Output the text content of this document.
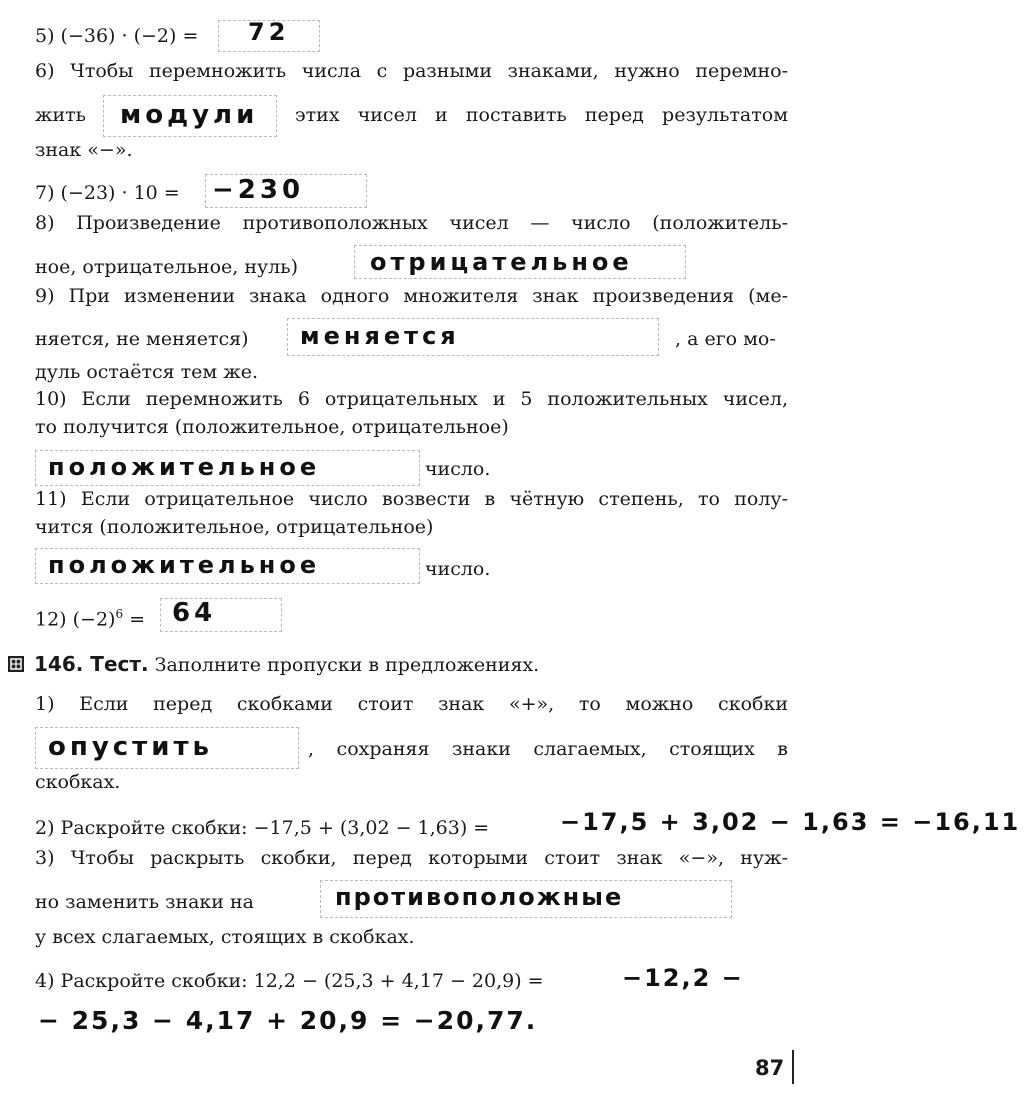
5) (−36) · (−2) = 72
6) Чтобы перемножить числа с разными знаками, нужно перемно-
жить модули этих чисел и поставить перед результатом
знак «−».
7) (−23) · 10 = −230
8) Произведение противоположных чисел — число (положитель-
ное, отрицательное, нуль)	отрицательное
9) При изменении знака одного множителя знак произведения (ме-
няется, не меняется) меняется	, а его мо-
дуль остаётся тем же.
10) Если перемножить 6 отрицательных и 5 положительных чисел,
то получится (положительное, отрицательное)
положительное	число.
11) Если отрицательное число возвести в чётную степень, то полу-
чится (положительное, отрицательное)
положительное	число.
12) $(-2)^6 = 64$
146. Тест. Заполните пропуски в предложениях.
1) Если перед скобками стоит знак «+», то можно скобки
опустить	, сохраняя знаки слагаемых, стоящих в
скобках.
2) Раскройте скобки: −17,5 + (3,02 − 1,63) =	−17,5 + 3,02 − 1,63 = −16,11
3) Чтобы раскрыть скобки, перед которыми стоит знак «−», нуж-
но заменить знаки на	противоположные
у всех слагаемых, стоящих в скобках.
4) Раскройте скобки: 12,2 − (25,3 + 4,17 − 20,9) =	−12,2 −
− 25,3 − 4,17 + 20,9 = −20,77.
87
